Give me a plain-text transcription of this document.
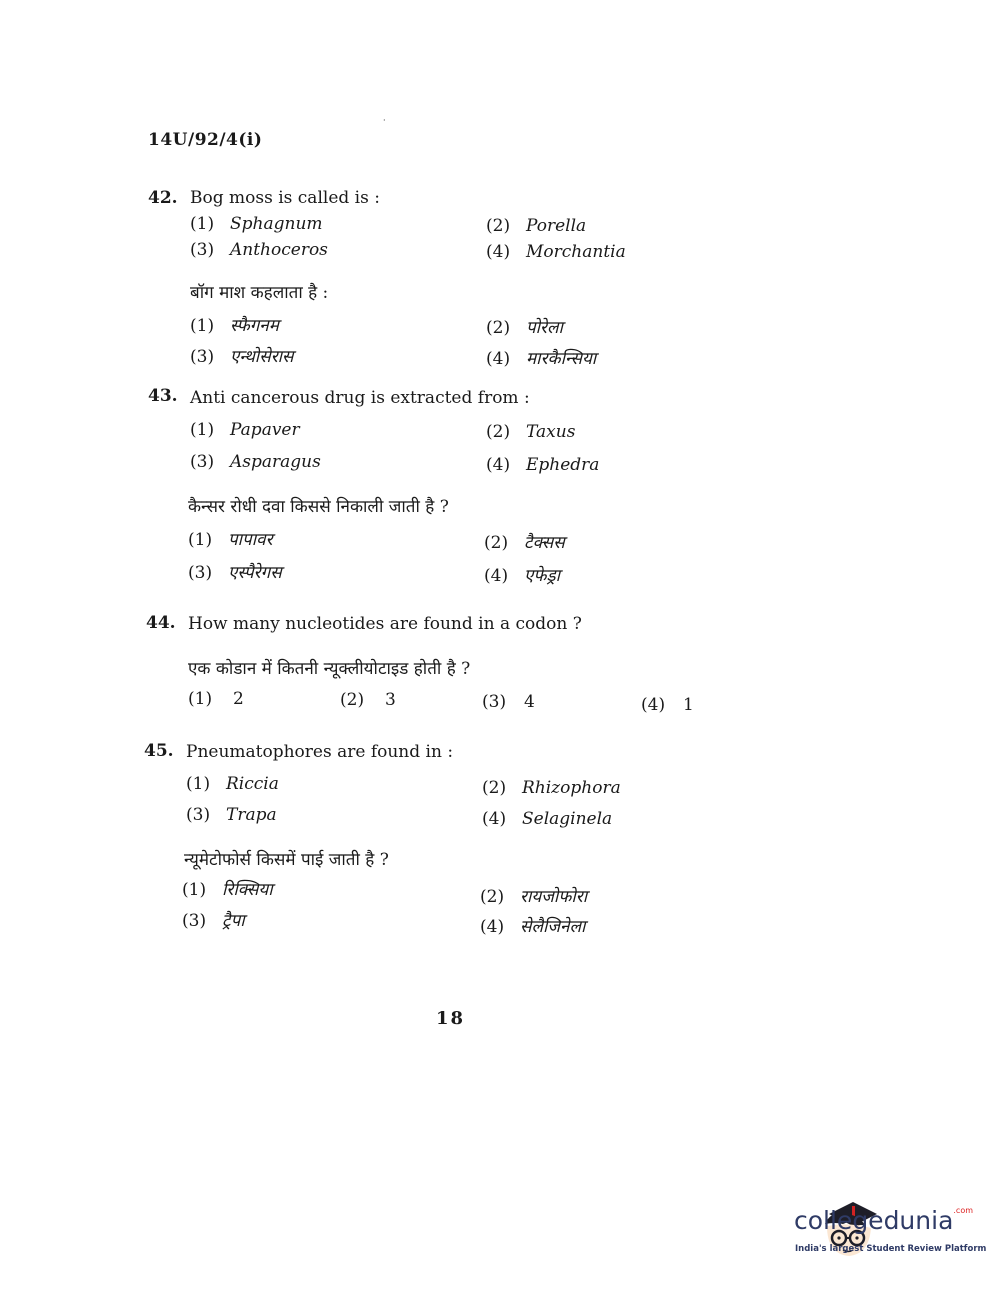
·
14U/92/4(i)
42. Bog moss is called is :
(1) Sphagnum	(2) Porella
(3) Anthoceros	(4) Morchantia
बॉग माश कहलाता है :
(1) स्फैगनम	(2) पोरेला
(3) एन्थोसेरास	(4) मारकैन्सिया
43. Anti cancerous drug is extracted from :
(1) Papaver	(2) Taxus
(3) Asparagus	(4) Ephedra
कैन्सर रोधी दवा किससे निकाली जाती है ?
(1) पापावर	(2) टैक्सस
(3) एस्पैरेगस	(4) एफेड्रा
44. How many nucleotides are found in a codon ?
एक कोडान में कितनी न्यूक्लीयोटाइड होती है ?
(1) 2	(2) 3	(3) 4	(4) 1
45. Pneumatophores are found in :
(1) Riccia	(2) Rhizophora
(3) Trapa	(4) Selaginela
न्यूमेटोफोर्स किसमें पाई जाती है ?
(1) रिक्सिया	(2) रायजोफोरा
(3) ट्रैपा	(4) सेलैजिनेला
18
collegedunia$^{.com}$
India's largest Student Review Platform
